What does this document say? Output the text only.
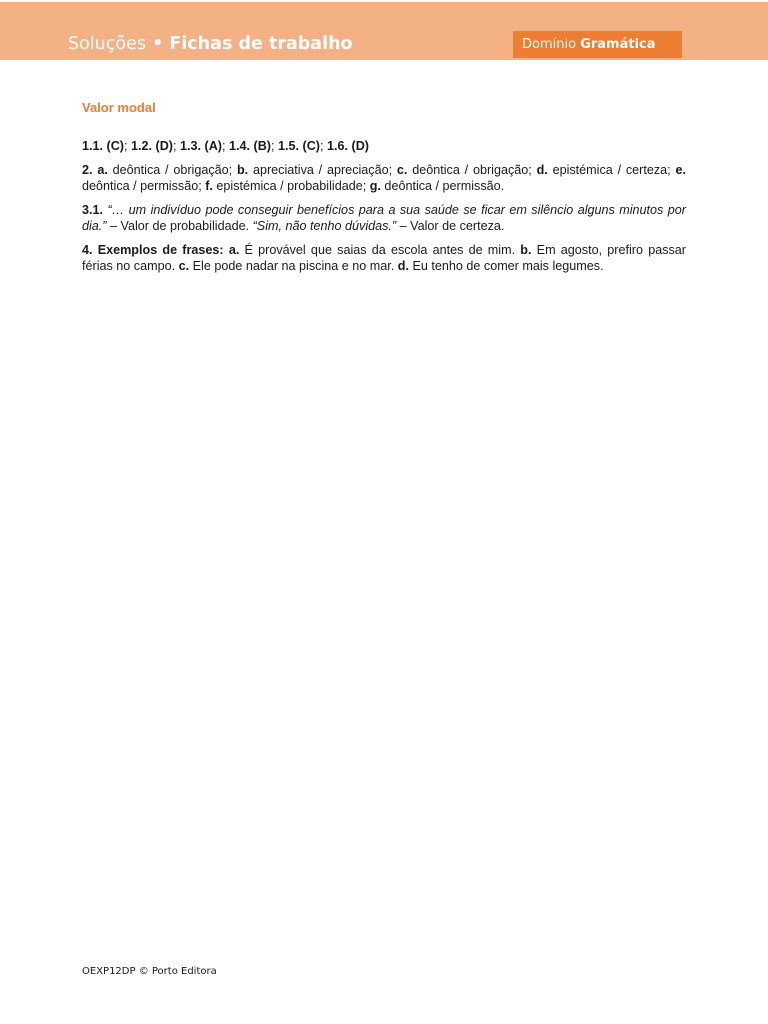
Soluções • Fichas de trabalho	Domínio Gramática
Valor modal

1.1. (C); 1.2. (D); 1.3. (A); 1.4. (B); 1.5. (C); 1.6. (D)

2. a. deôntica / obrigação; b. apreciativa / apreciação; c. deôntica / obrigação; d. epistémica / certeza; e. deôntica / permissão; f. epistémica / probabilidade; g. deôntica / permissão.

3.1. “… um indivíduo pode conseguir benefícios para a sua saúde se ficar em silêncio alguns minutos por dia.” – Valor de probabilidade. “Sim, não tenho dúvidas.” – Valor de certeza.

4. Exemplos de frases: a. É provável que saias da escola antes de mim. b. Em agosto, prefiro passar férias no campo. c. Ele pode nadar na piscina e no mar. d. Eu tenho de comer mais legumes.

OEXP12DP © Porto Editora
